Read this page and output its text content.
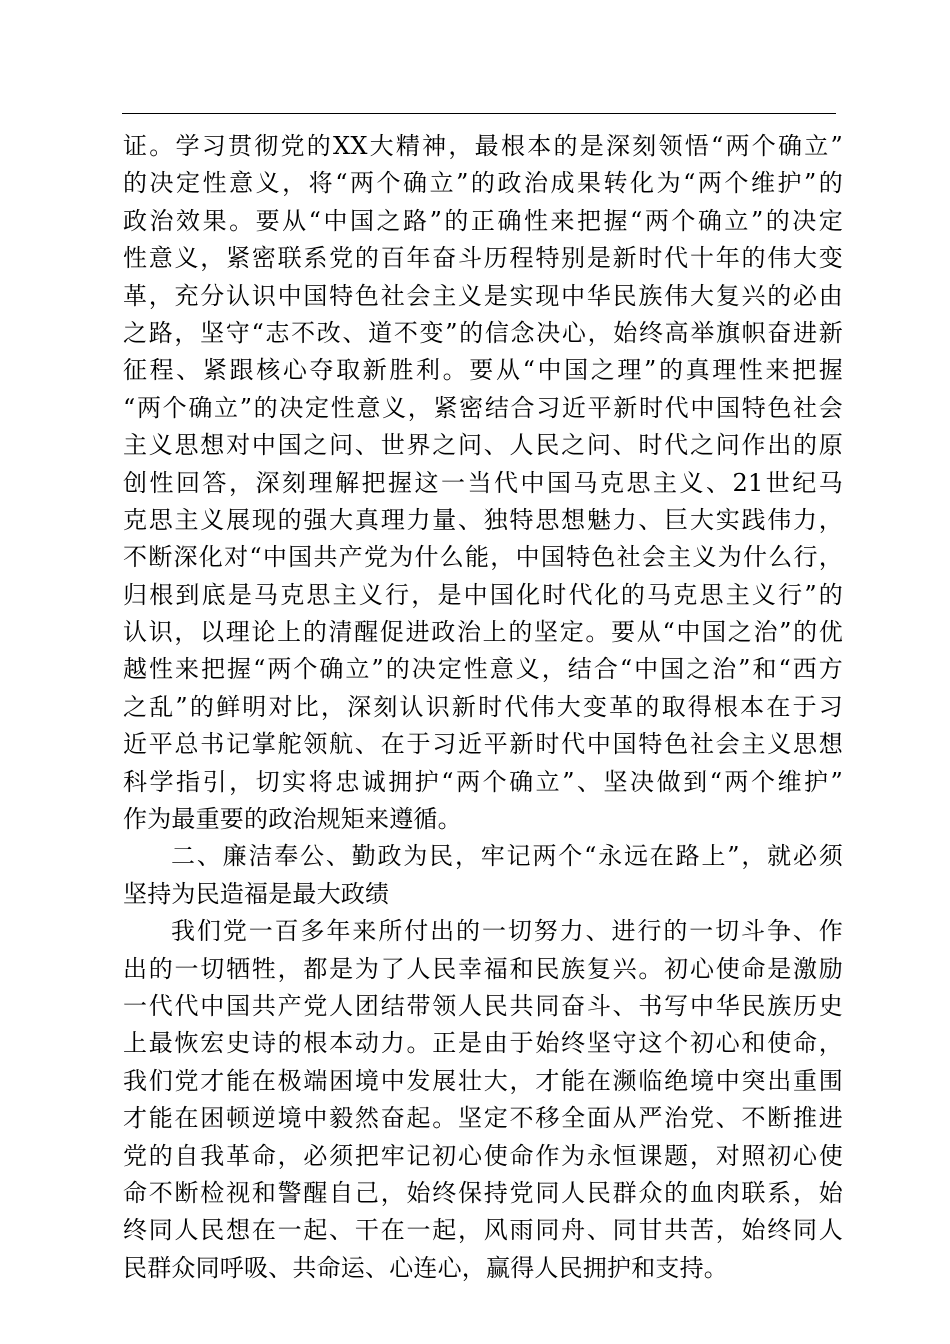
证。学习贯彻党的XX大精神，最根本的是深刻领悟“两个确立”
的决定性意义，将“两个确立”的政治成果转化为“两个维护”的
政治效果。要从“中国之路”的正确性来把握“两个确立”的决定
性意义，紧密联系党的百年奋斗历程特别是新时代十年的伟大变
革，充分认识中国特色社会主义是实现中华民族伟大复兴的必由
之路，坚守“志不改、道不变”的信念决心，始终高举旗帜奋进新
征程、紧跟核心夺取新胜利。要从“中国之理”的真理性来把握
“两个确立”的决定性意义，紧密结合习近平新时代中国特色社会
主义思想对中国之问、世界之问、人民之问、时代之问作出的原
创性回答，深刻理解把握这一当代中国马克思主义、21世纪马
克思主义展现的强大真理力量、独特思想魅力、巨大实践伟力，
不断深化对“中国共产党为什么能，中国特色社会主义为什么行，
归根到底是马克思主义行，是中国化时代化的马克思主义行”的
认识，以理论上的清醒促进政治上的坚定。要从“中国之治”的优
越性来把握“两个确立”的决定性意义，结合“中国之治”和“西方
之乱”的鲜明对比，深刻认识新时代伟大变革的取得根本在于习
近平总书记掌舵领航、在于习近平新时代中国特色社会主义思想
科学指引，切实将忠诚拥护“两个确立”、坚决做到“两个维护”
作为最重要的政治规矩来遵循。
二、廉洁奉公、勤政为民，牢记两个“永远在路上”，就必须
坚持为民造福是最大政绩
我们党一百多年来所付出的一切努力、进行的一切斗争、作
出的一切牺牲，都是为了人民幸福和民族复兴。初心使命是激励
一代代中国共产党人团结带领人民共同奋斗、书写中华民族历史
上最恢宏史诗的根本动力。正是由于始终坚守这个初心和使命，
我们党才能在极端困境中发展壮大，才能在濒临绝境中突出重围
才能在困顿逆境中毅然奋起。坚定不移全面从严治党、不断推进
党的自我革命，必须把牢记初心使命作为永恒课题，对照初心使
命不断检视和警醒自己，始终保持党同人民群众的血肉联系，始
终同人民想在一起、干在一起，风雨同舟、同甘共苦，始终同人
民群众同呼吸、共命运、心连心，赢得人民拥护和支持。
